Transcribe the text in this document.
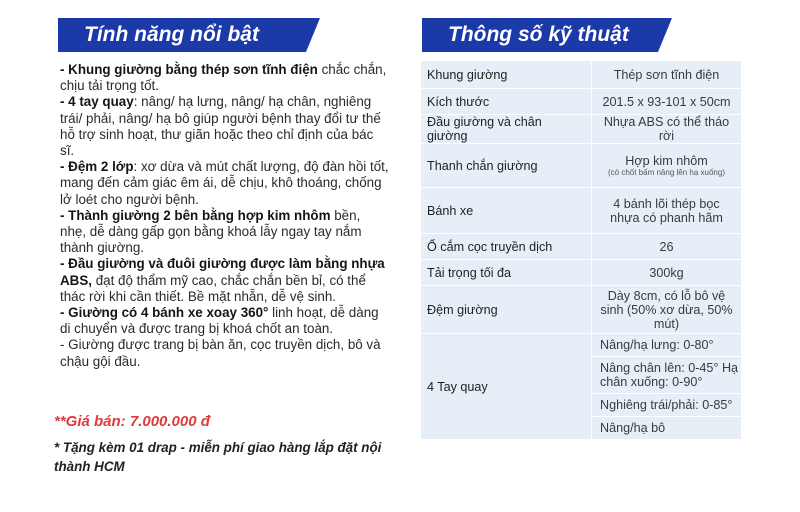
Tính năng nổi bật	Thông số kỹ thuật

- Khung giường bằng thép sơn tĩnh điện chắc chắn, chịu tải trọng tốt.

- 4 tay quay: nâng/ hạ lưng, nâng/ hạ chân, nghiêng trái/ phải, nâng/ hạ bô giúp người bệnh thay đổi tư thế hỗ trợ sinh hoạt, thư giãn hoặc theo chỉ định của bác sĩ.

- Đệm 2 lớp: xơ dừa và mút chất lượng, độ đàn hồi tốt, mang đến cảm giác êm ái, dễ chịu, khô thoáng, chống lở loét cho người bệnh.

- Thành giường 2 bên bằng hợp kim nhôm bền, nhẹ, dễ dàng gấp gọn bằng khoá lẫy ngay tay nắm thành giường.

- Đầu giường và đuôi giường được làm bằng nhựa ABS, đạt độ thẩm mỹ cao, chắc chắn bền bỉ, có thể thác rời khi cần thiết. Bề mặt nhẵn, dễ vệ sinh.

- Giường có 4 bánh xe xoay 360° linh hoạt, dễ dàng di chuyển và được trang bị khoá chốt an toàn.

- Giường được trang bị bàn ăn, cọc truyền dịch, bô và chậu gội đầu.

**Giá bán: 7.000.000 đ
* Tặng kèm 01 drap - miễn phí giao hàng lắp đặt nội thành HCM
Khung giường	Thép sơn tĩnh điện
Kích thước	201.5 x 93-101 x 50cm
Đầu giường và chân giường	Nhựa ABS có thể tháo rời
Thanh chắn giường	Hợp kim nhôm
(có chốt bấm nâng lên hạ xuống)

Bánh xe	4 bánh lõi thép bọc nhựa có phanh hãm
Ổ cắm cọc truyền dịch	26
Tải trọng tối đa	300kg
Đệm giường	Dày 8cm, có lỗ bô vệ sinh (50% xơ dừa, 50% mút)
4 Tay quay	Nâng/hạ lưng: 0-80°
Nâng chân lên: 0-45° Hạ chân xuống: 0-90°
Nghiêng trái/phải: 0-85°
Nâng/hạ bô
